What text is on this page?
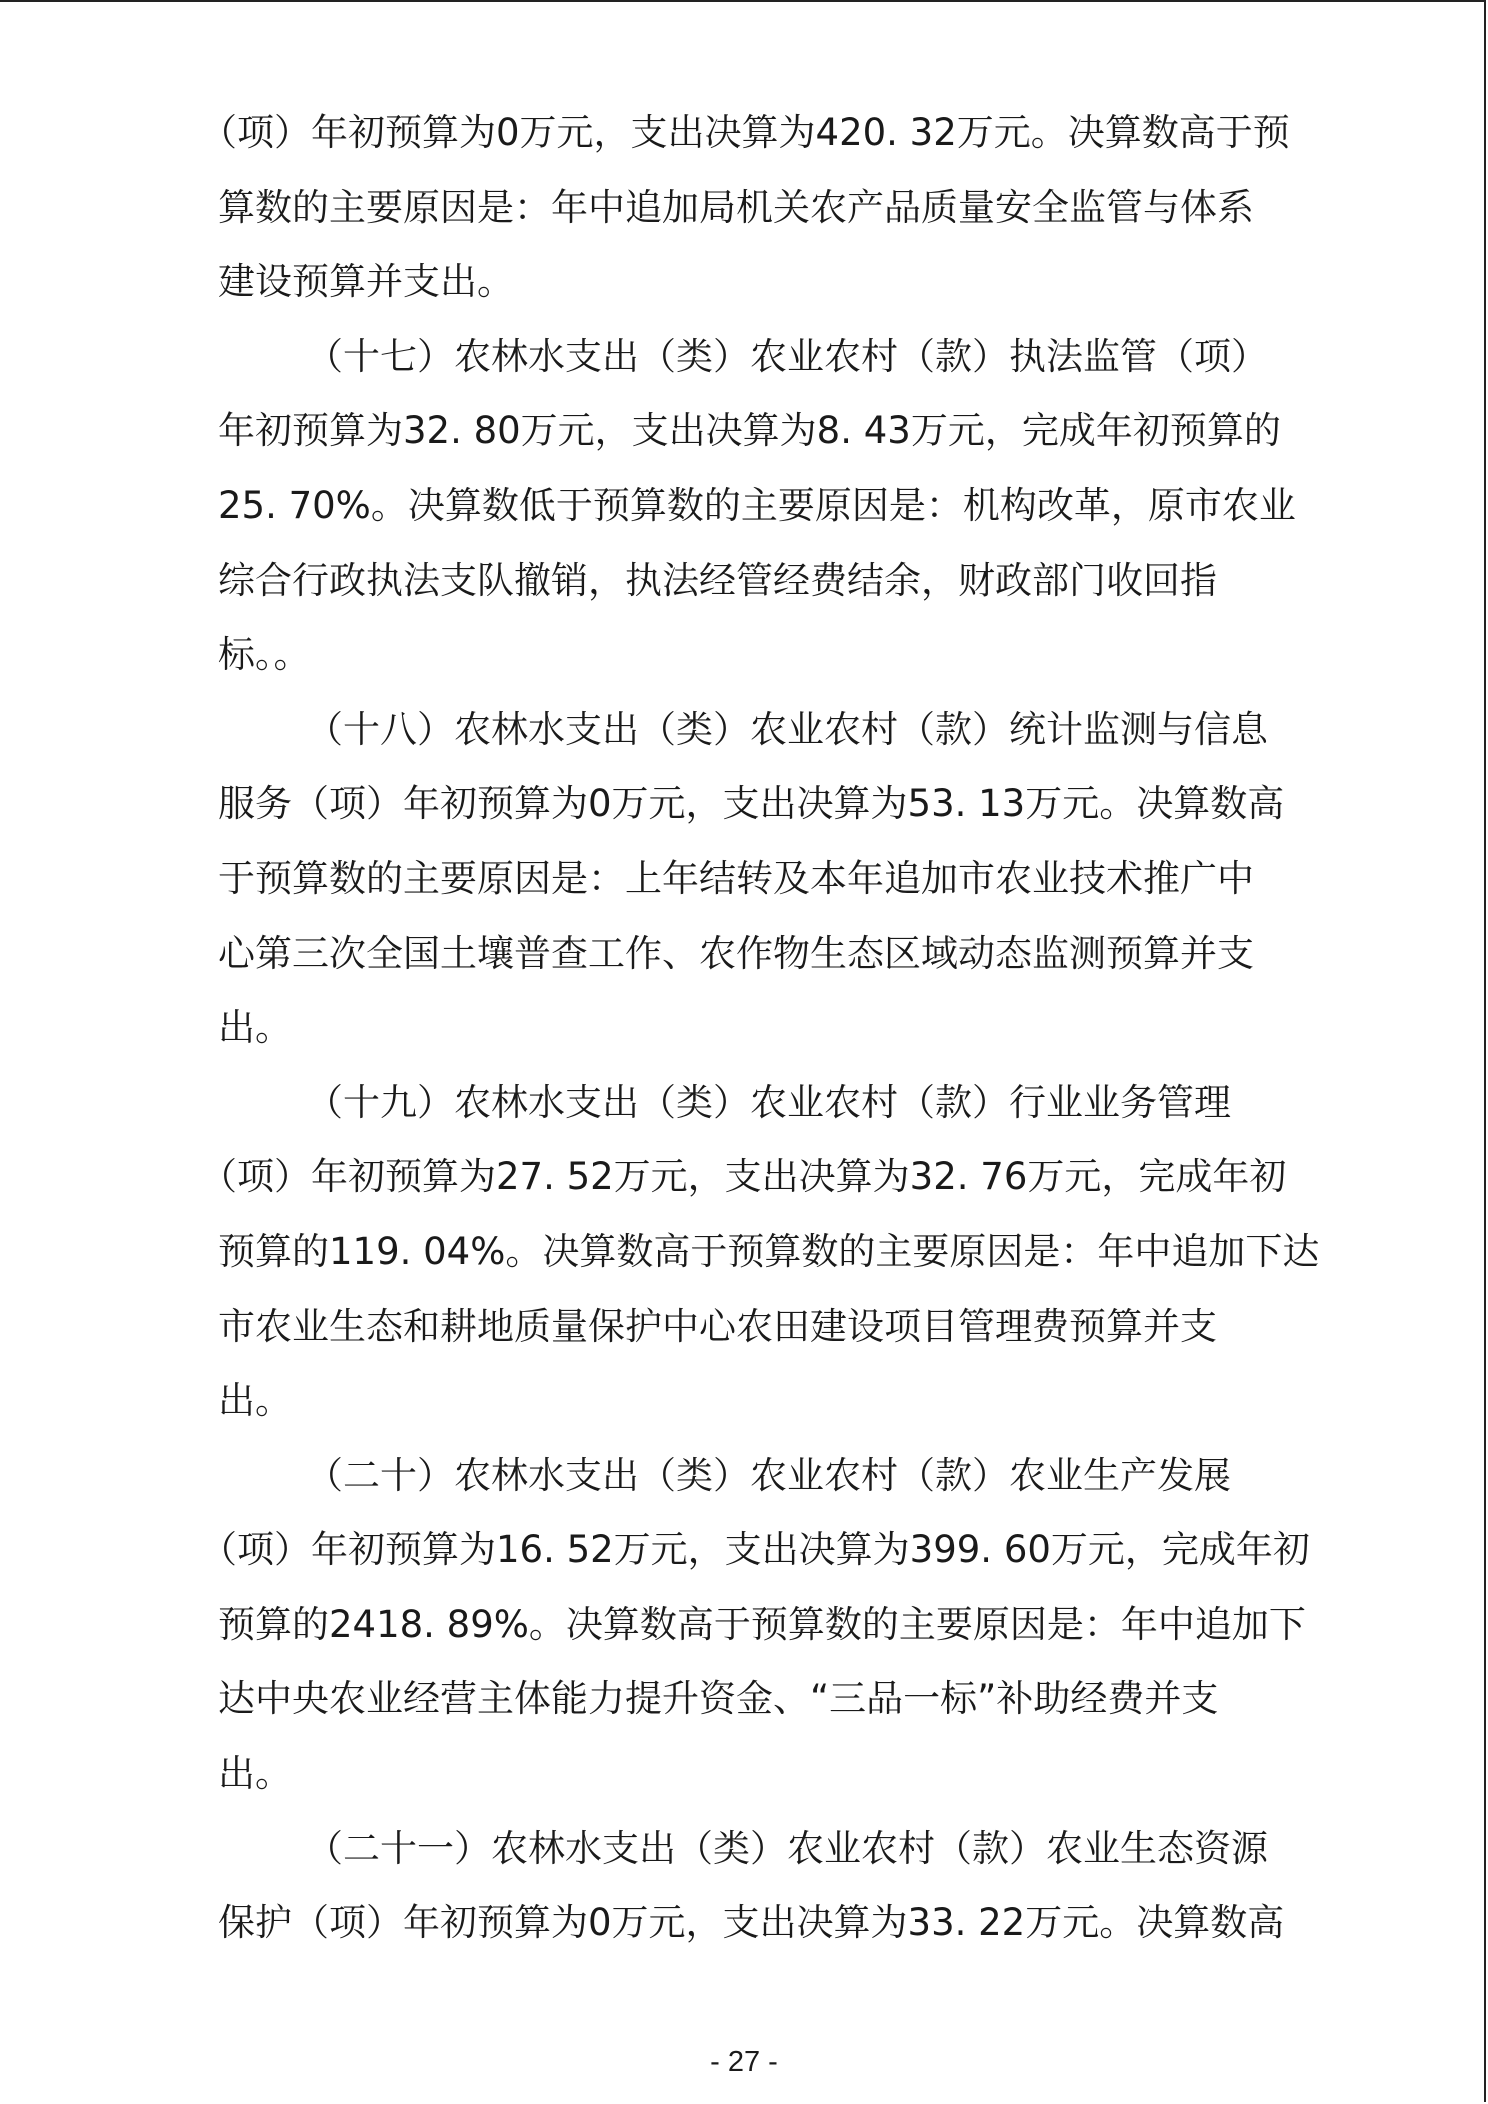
（项）年初预算为0万元，支出决算为420. 32万元。决算数高于预
算数的主要原因是：年中追加局机关农产品质量安全监管与体系
建设预算并支出。
（十七）农林水支出（类）农业农村（款）执法监管（项）
年初预算为32. 80万元，支出决算为8. 43万元，完成年初预算的
25. 70%。决算数低于预算数的主要原因是：机构改革，原市农业
综合行政执法支队撤销，执法经管经费结余，财政部门收回指
标。。
（十八）农林水支出（类）农业农村（款）统计监测与信息
服务（项）年初预算为0万元，支出决算为53. 13万元。决算数高
于预算数的主要原因是：上年结转及本年追加市农业技术推广中
心第三次全国土壤普查工作、农作物生态区域动态监测预算并支
出。
（十九）农林水支出（类）农业农村（款）行业业务管理
（项）年初预算为27. 52万元，支出决算为32. 76万元，完成年初
预算的119. 04%。决算数高于预算数的主要原因是：年中追加下达
市农业生态和耕地质量保护中心农田建设项目管理费预算并支
出。
（二十）农林水支出（类）农业农村（款）农业生产发展
（项）年初预算为16. 52万元，支出决算为399. 60万元，完成年初
预算的2418. 89%。决算数高于预算数的主要原因是：年中追加下
达中央农业经营主体能力提升资金、“三品一标”补助经费并支
出。
（二十一）农林水支出（类）农业农村（款）农业生态资源
保护（项）年初预算为0万元，支出决算为33. 22万元。决算数高
- 27 -
